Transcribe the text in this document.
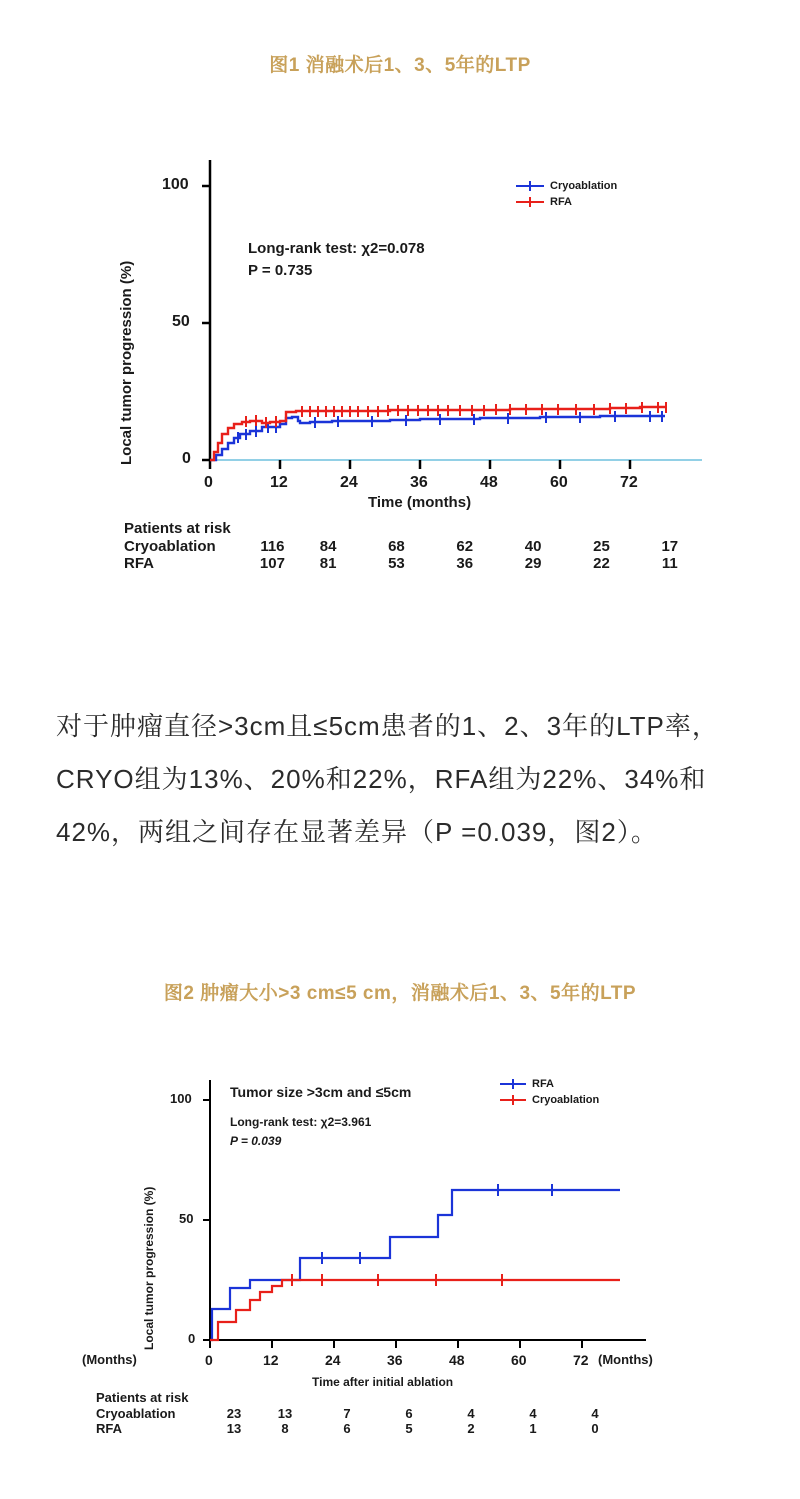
图1 消融术后1、3、5年的LTP
Local tumor progression (%)	0
50
100
0	12	24	36	48	60	72
Time (months)
Long-rank test: χ2=0.078
P = 0.735
Cryoablation
RFA
Patients at risk
Cryoablation	116	84	68	62	40	25	17
RFA	107	81	53	36	29	22	11
对于肿瘤直径>3cm且≤5cm患者的1、2、3年的LTP率，CRYO组为13%、20%和22%，RFA组为22%、34%和42%，两组之间存在显著差异（P =0.039，图2）。
图2 肿瘤大小>3 cm≤5 cm，消融术后1、3、5年的LTP
Local tumor progression (%) 0
50
100
0	12	24	36	48	60	72
(Months)	(Months)
Time after initial ablation
Tumor size >3cm and ≤5cm
Long-rank test: χ2=3.961
P = 0.039
RFA
Cryoablation
Patients at risk
Cryoablation	23	13	7	6	4	4	4
RFA	13	8	6	5	2	1	0
